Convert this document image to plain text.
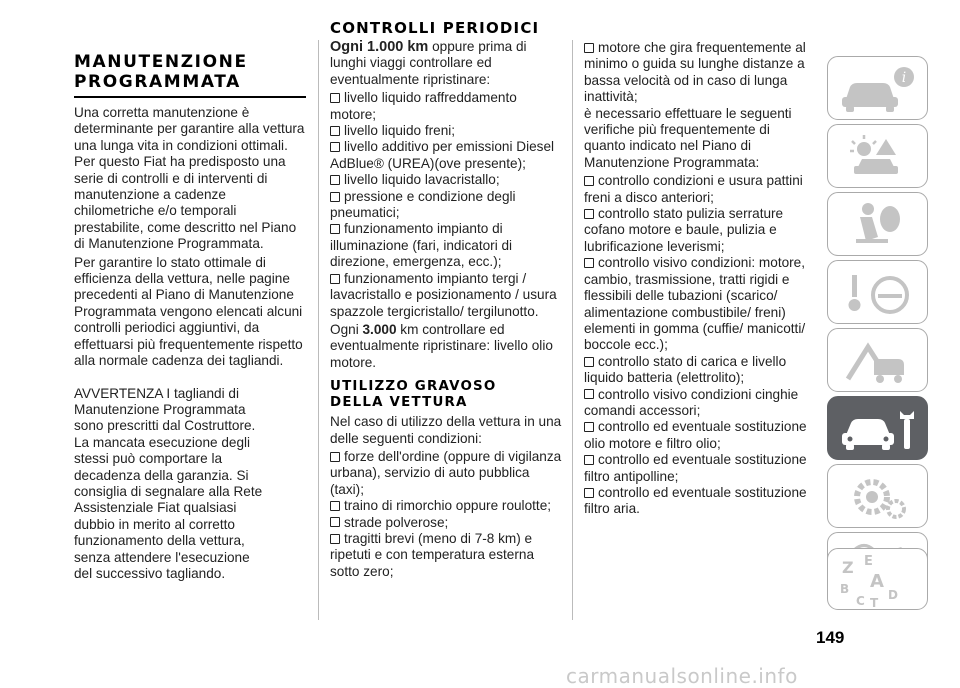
MANUTENZIONE
PROGRAMMATA

Una corretta manutenzione è determinante per garantire alla vettura una lunga vita in condizioni ottimali. Per questo Fiat ha predisposto una serie di controlli e di interventi di manutenzione a cadenze chilometriche e/o temporali prestabilite, come descritto nel Piano di Manutenzione Programmata.

Per garantire lo stato ottimale di efficienza della vettura, nelle pagine precedenti al Piano di Manutenzione Programmata vengono elencati alcuni controlli periodici aggiuntivi, da effettuarsi più frequentemente rispetto alla normale cadenza dei tagliandi.

AVVERTENZA I tagliandi di Manutenzione Programmata sono prescritti dal Costruttore. La mancata esecuzione degli stessi può comportare la decadenza della garanzia. Si consiglia di segnalare alla Rete Assistenziale Fiat qualsiasi dubbio in merito al corretto funzionamento della vettura, senza attendere l'esecuzione del successivo tagliando.

CONTROLLI PERIODICI

Ogni 1.000 km oppure prima di lunghi viaggi controllare ed eventualmente ripristinare:

livello liquido raffreddamento motore;
livello liquido freni;
livello additivo per emissioni Diesel AdBlue® (UREA)(ove presente);
livello liquido lavacristallo;
pressione e condizione degli pneumatici;
funzionamento impianto di illuminazione (fari, indicatori di direzione, emergenza, ecc.);
funzionamento impianto tergi / lavacristallo e posizionamento / usura spazzole tergicristallo/ tergilunotto.

Ogni 3.000 km controllare ed eventualmente ripristinare: livello olio motore.

UTILIZZO GRAVOSO
DELLA VETTURA

Nel caso di utilizzo della vettura in una delle seguenti condizioni:

forze dell'ordine (oppure di vigilanza urbana), servizio di auto pubblica (taxi);
traino di rimorchio oppure roulotte;
strade polverose;
tragitti brevi (meno di 7-8 km) e ripetuti e con temperatura esterna sotto zero;
motore che gira frequentemente al minimo o guida su lunghe distanze a bassa velocità od in caso di lunga inattività;

è necessario effettuare le seguenti verifiche più frequentemente di quanto indicato nel Piano di Manutenzione Programmata:

controllo condizioni e usura pattini freni a disco anteriori;
controllo stato pulizia serrature cofano motore e baule, pulizia e lubrificazione leverismi;
controllo visivo condizioni: motore, cambio, trasmissione, tratti rigidi e flessibili delle tubazioni (scarico/ alimentazione combustibile/ freni) elementi in gomma (cuffie/ manicotti/ boccole ecc.);
controllo stato di carica e livello liquido batteria (elettrolito);
controllo visivo condizioni cinghie comandi accessori;
controllo ed eventuale sostituzione olio motore e filtro olio;
controllo ed eventuale sostituzione filtro antipolline;
controllo ed eventuale sostituzione filtro aria.
i
Z E
A
B
C D
T
149
carmanualsonline.info
